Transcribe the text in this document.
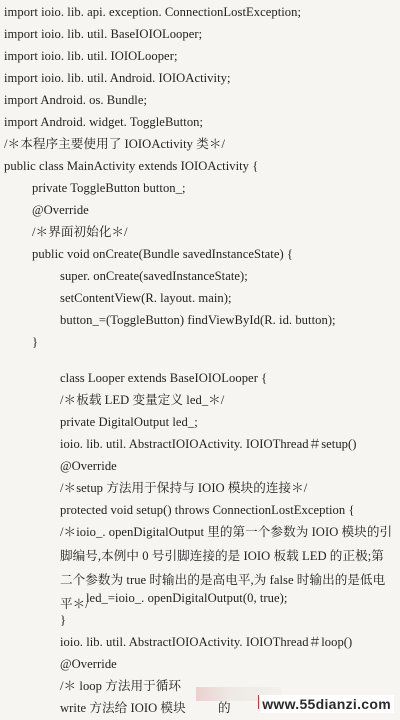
import ioio. lib. api. exception. ConnectionLostException;
import ioio. lib. util. BaseIOIOLooper;
import ioio. lib. util. IOIOLooper;
import ioio. lib. util. Android. IOIOActivity;
import Android. os. Bundle;
import Android. widget. ToggleButton;
/＊本程序主要使用了 IOIOActivity 类＊/
public class MainActivity extends IOIOActivity {
private ToggleButton button_;
@Override
/＊界面初始化＊/
public void onCreate(Bundle savedInstanceState) {
super. onCreate(savedInstanceState);
setContentView(R. layout. main);
button_=(ToggleButton) findViewById(R. id. button);
}
class Looper extends BaseIOIOLooper {
/＊板载 LED 变量定义 led_＊/
private DigitalOutput led_;
ioio. lib. util. AbstractIOIOActivity. IOIOThread＃setup()
@Override
/＊setup 方法用于保持与 IOIO 模块的连接＊/
protected void setup() throws ConnectionLostException {
/＊ioio_. openDigitalOutput 里的第一个参数为 IOIO 模块的引脚编号,本例中 0 号引脚连接的是 IOIO 板载 LED 的正极;第二个参数为 true 时输出的是高电平,为 false 时输出的是低电平＊/
led_=ioio_. openDigitalOutput(0, true);
}
ioio. lib. util. AbstractIOIOActivity. IOIOThread＃loop()
@Override
/＊ loop 方法用于循环
write 方法给 IOIO 模块	的 www.55dianzi.com
